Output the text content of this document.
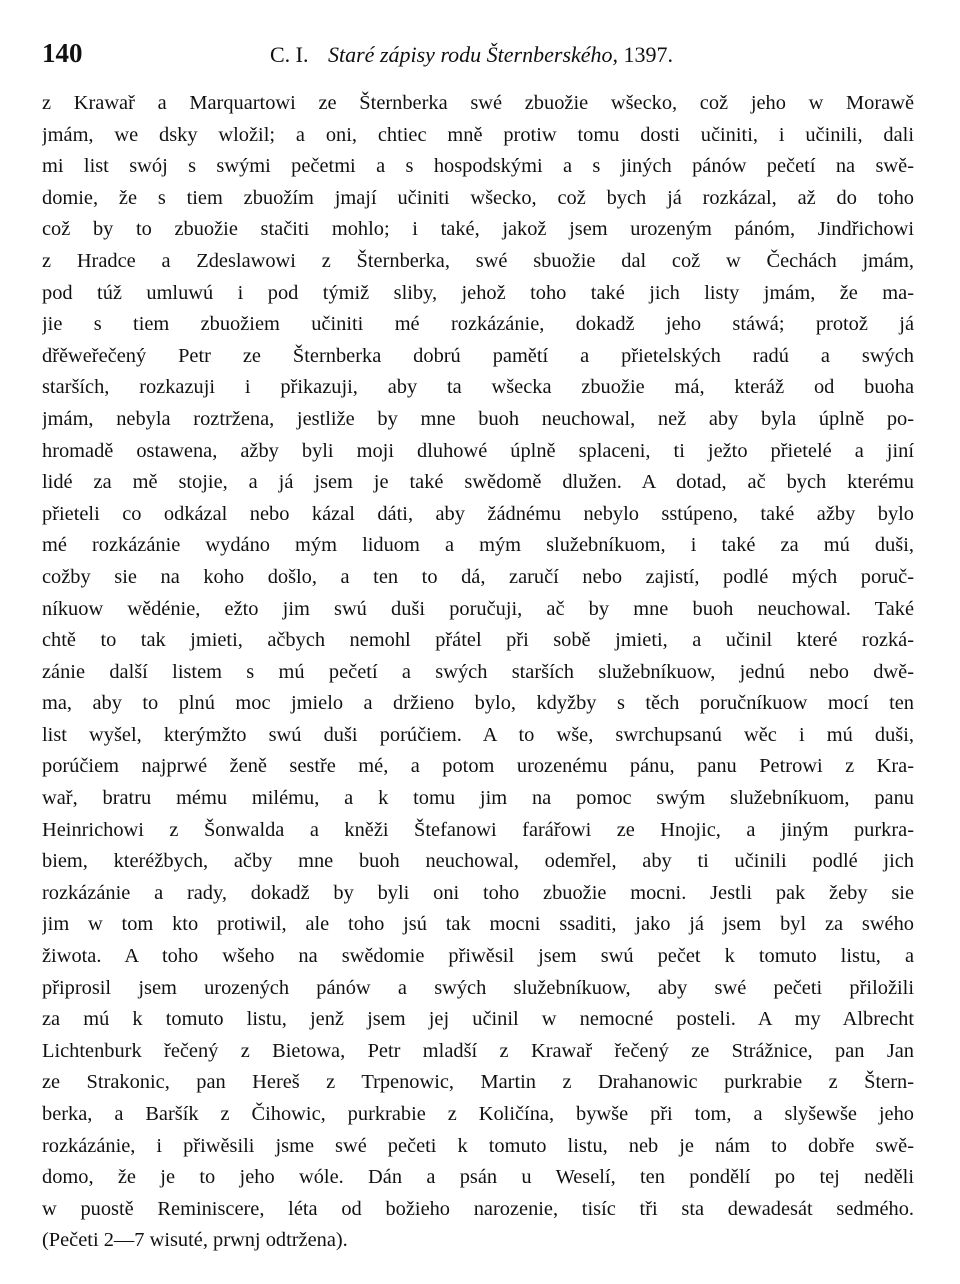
140	C. I. Staré zápisy rodu Šternberského, 1397.
z Krawař a Marquartowi ze Šternberka swé zbuožie wšecko, což jeho w Morawě
jmám, we dsky wložil; a oni, chtiec mně protiw tomu dosti učiniti, i učinili, dali
mi list swój s swými pečetmi a s hospodskými a s jiných pánów pečetí na swě-
domie, že s tiem zbuožím jmají učiniti wšecko, což bych já rozkázal, až do toho
což by to zbuožie stačiti mohlo; i také, jakož jsem urozeným pánóm, Jindřichowi
z Hradce a Zdeslawowi z Šternberka, swé sbuožie dal což w Čechách jmám,
pod túž umluwú i pod týmiž sliby, jehož toho také jich listy jmám, že ma-
jie s tiem zbuožiem učiniti mé rozkázánie, dokadž jeho stáwá; protož já
dřěweřečený Petr ze Šternberka dobrú pamětí a přietelských radú a swých
starších, rozkazuji i přikazuji, aby ta wšecka zbuožie má, kteráž od buoha
jmám, nebyla roztržena, jestliže by mne buoh neuchowal, než aby byla úplně po-
hromadě ostawena, ažby byli moji dluhowé úplně splaceni, ti ježto přietelé a jiní
lidé za mě stojie, a já jsem je také swědomě dlužen. A dotad, ač bych kterému
přieteli co odkázal nebo kázal dáti, aby žádnému nebylo sstúpeno, také ažby bylo
mé rozkázánie wydáno mým liduom a mým služebníkuom, i také za mú duši,
cožby sie na koho došlo, a ten to dá, zaručí nebo zajistí, podlé mých poruč-
níkuow wědénie, ežto jim swú duši poručuji, ač by mne buoh neuchowal. Také
chtě to tak jmieti, ačbych nemohl přátel při sobě jmieti, a učinil které rozká-
zánie další listem s mú pečetí a swých starších služebníkuow, jednú nebo dwě-
ma, aby to plnú moc jmielo a držieno bylo, kdyžby s těch poručníkuow mocí ten
list wyšel, kterýmžto swú duši porúčiem. A to wše, swrchupsanú wěc i mú duši,
porúčiem najprwé ženě sestře mé, a potom urozenému pánu, panu Petrowi z Kra-
wař, bratru mému milému, a k tomu jim na pomoc swým služebníkuom, panu
Heinrichowi z Šonwalda a kněži Štefanowi farářowi ze Hnojic, a jiným purkra-
biem, kteréžbych, ačby mne buoh neuchowal, odemřel, aby ti učinili podlé jich
rozkázánie a rady, dokadž by byli oni toho zbuožie mocni. Jestli pak žeby sie
jim w tom kto protiwil, ale toho jsú tak mocni ssaditi, jako já jsem byl za swého
žiwota. A toho wšeho na swědomie přiwěsil jsem swú pečet k tomuto listu, a
připrosil jsem urozených pánów a swých služebníkuow, aby swé pečeti přiložili
za mú k tomuto listu, jenž jsem jej učinil w nemocné posteli. A my Albrecht
Lichtenburk řečený z Bietowa, Petr mladší z Krawař řečený ze Strážnice, pan Jan
ze Strakonic, pan Hereš z Trpenowic, Martin z Drahanowic purkrabie z Štern-
berka, a Baršík z Čihowic, purkrabie z Količína, bywše při tom, a slyšewše jeho
rozkázánie, i přiwěsili jsme swé pečeti k tomuto listu, neb je nám to dobře swě-
domo, že je to jeho wóle. Dán a psán u Weselí, ten pondělí po tej neděli
w puostě Reminiscere, léta od božieho narozenie, tisíc tři sta dewadesát sedmého.
(Pečeti 2—7 wisuté, prwnj odtržena).
